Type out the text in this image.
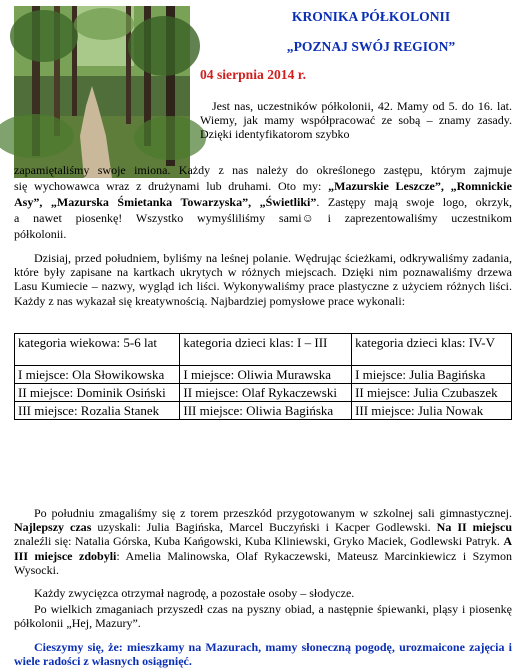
KRONIKA PÓŁKOLONII
„POZNAJ SWÓJ REGION”
04 sierpnia 2014 r.
Jest nas, uczestników półkolonii, 42. Mamy od 5. do 16. lat. Wiemy, jak mamy współpracować ze sobą – znamy zasady. Dzięki identyfikatorom szybko
zapamiętaliśmy swoje imiona. Każdy z nas należy do określonego zastępu, którym zajmuje
się wychowawca wraz z drużynami lub druhami. Oto my: „Mazurskie Leszcze”, „Romnickie
Asy”, „Mazurska Śmietanka Towarzyska”, „Świetliki”. Zastępy mają swoje logo, okrzyk,
a nawet piosenkę! Wszystko wymyśliliśmy sami☺ i zaprezentowaliśmy uczestnikom
półkolonii.
Dzisiaj, przed południem, byliśmy na leśnej polanie. Wędrując ścieżkami, odkrywaliśmy zadania, które były zapisane na kartkach ukrytych w różnych miejscach. Dzięki nim poznawaliśmy drzewa Lasu Kumiecie – nazwy, wygląd ich liści. Wykonywaliśmy prace plastyczne z użyciem różnych liści. Każdy z nas wykazał się kreatywnością. Najbardziej pomysłowe prace wykonali:
kategoria wiekowa: 5-6 lat	kategoria dzieci klas: I – III	kategoria dzieci klas: IV-V
I miejsce: Ola Słowikowska	I miejsce: Oliwia Murawska	I miejsce: Julia Bagińska
II miejsce: Dominik Osiński	II miejsce: Olaf Rykaczewski	II miejsce: Julia Czubaszek
III miejsce: Rozalia Stanek	III miejsce: Oliwia Bagińska	III miejsce: Julia Nowak
Po południu zmagaliśmy się z torem przeszkód przygotowanym w szkolnej sali gimnastycznej. Najlepszy czas uzyskali: Julia Bagińska, Marcel Buczyński i Kacper Godlewski. Na II miejscu znaleźli się: Natalia Górska, Kuba Kańgowski, Kuba Kliniewski, Gryko Maciek, Godlewski Patryk. A III miejsce zdobyli: Amelia Malinowska, Olaf Rykaczewski, Mateusz Marcinkiewicz i Szymon Wysocki.
Każdy zwycięzca otrzymał nagrodę, a pozostałe osoby – słodycze.
Po wielkich zmaganiach przyszedł czas na pyszny obiad, a następnie śpiewanki, pląsy i piosenkę półkolonii „Hej, Mazury”.
Cieszymy się, że: mieszkamy na Mazurach, mamy słoneczną pogodę, urozmaicone zajęcia i wiele radości z własnych osiągnięć.
